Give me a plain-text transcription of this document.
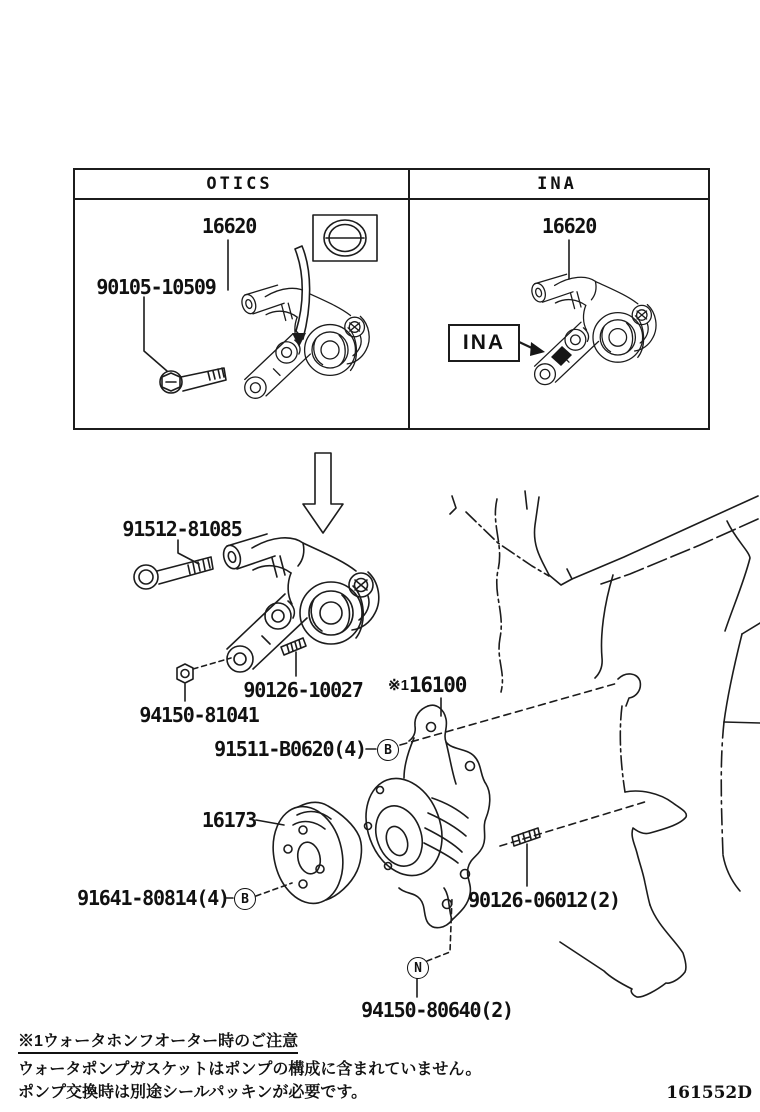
OTICS	INA
16620	16620
90105-10509
INA
91512-81085
90126-10027
94150-81041
※1 16100
91511-B0620(4)	B
16173
91641-80814(4) B	90126-06012(2)
N
94150-80640(2)
※1ウォータホンフオーター時のご注意
ウォータポンプガスケットはポンプの構成に含まれていません。
ポンプ交換時は別途シールパッキンが必要です。	161552D
